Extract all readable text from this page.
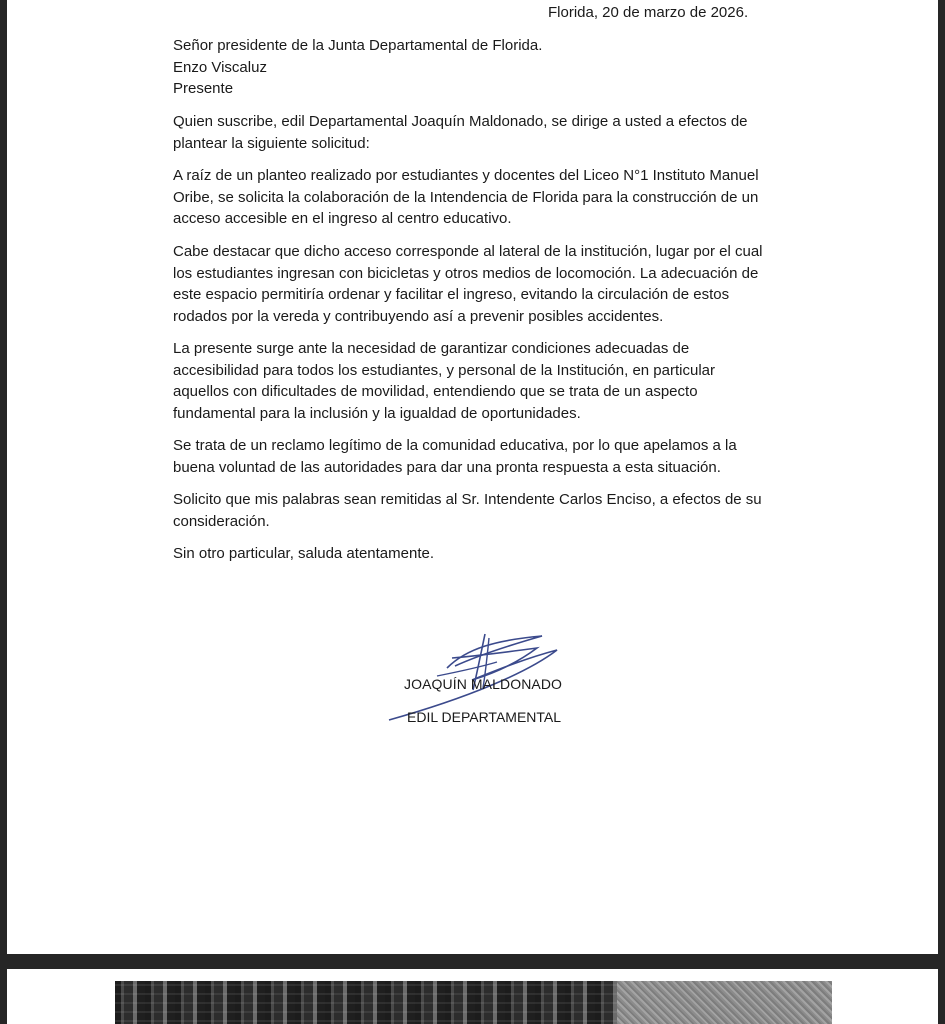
Florida, 20 de marzo de 2026.
Señor presidente de la Junta Departamental de Florida.
Enzo Viscaluz
Presente
Quien suscribe, edil Departamental Joaquín Maldonado, se dirige a usted a efectos de
plantear la siguiente solicitud:
A raíz de un planteo realizado por estudiantes y docentes del Liceo N°1 Instituto Manuel
Oribe, se solicita la colaboración de la Intendencia de Florida para la construcción de un
acceso accesible en el ingreso al centro educativo.
Cabe destacar que dicho acceso corresponde al lateral de la institución, lugar por el cual
los estudiantes ingresan con bicicletas y otros medios de locomoción. La adecuación de
este espacio permitiría ordenar y facilitar el ingreso, evitando la circulación de estos
rodados por la vereda y contribuyendo así a prevenir posibles accidentes.
La presente surge ante la necesidad de garantizar condiciones adecuadas de
accesibilidad para todos los estudiantes, y personal de la Institución, en particular
aquellos con dificultades de movilidad, entendiendo que se trata de un aspecto
fundamental para la inclusión y la igualdad de oportunidades.
Se trata de un reclamo legítimo de la comunidad educativa, por lo que apelamos a la
buena voluntad de las autoridades para dar una pronta respuesta a esta situación.
Solicito que mis palabras sean remitidas al Sr. Intendente Carlos Enciso, a efectos de su
consideración.
Sin otro particular, saluda atentamente.
JOAQUÍN MALDONADO
EDIL DEPARTAMENTAL
